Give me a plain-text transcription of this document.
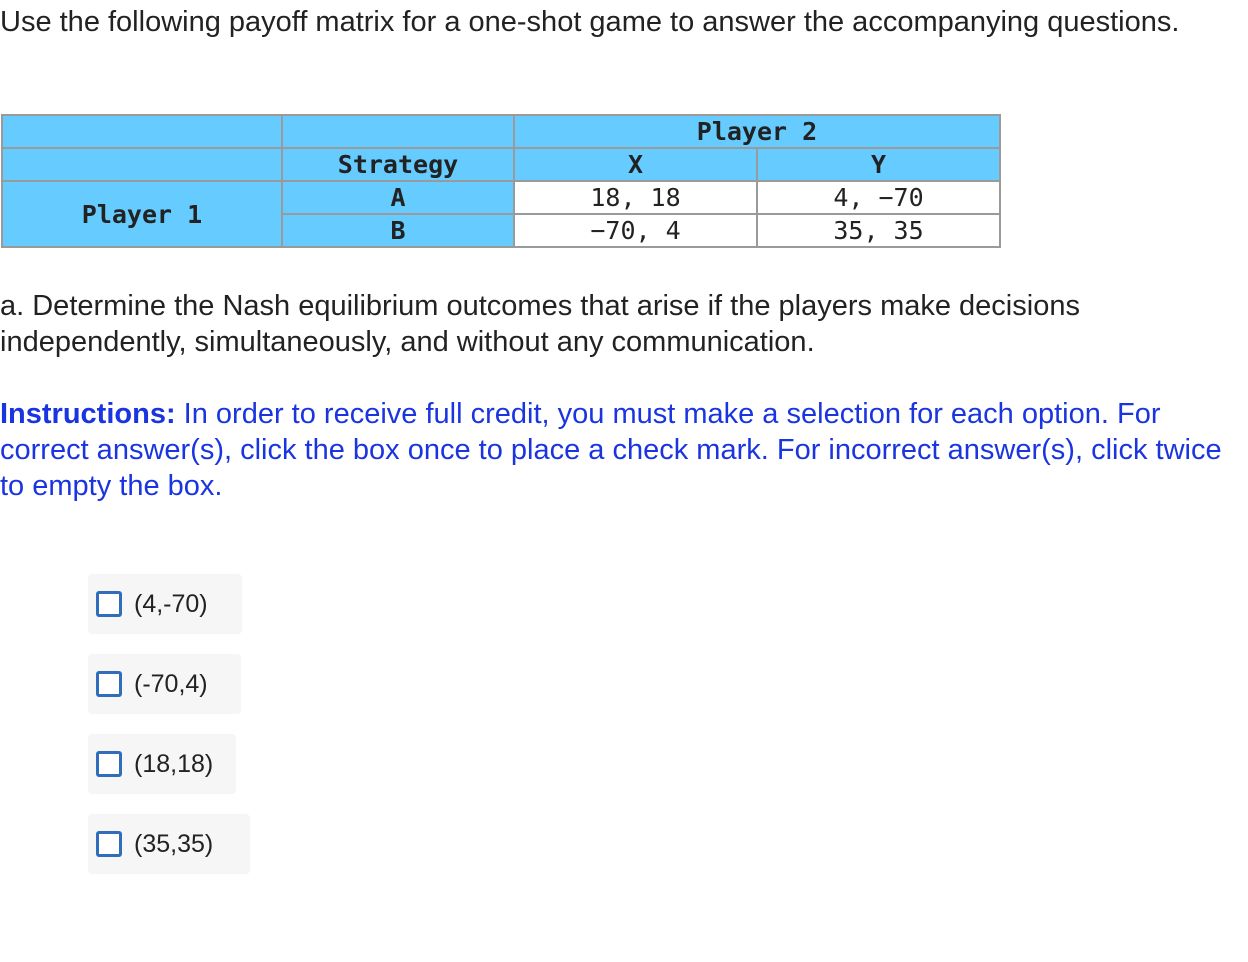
Use the following payoff matrix for a one-shot game to answer the accompanying questions.

		Player 2	
	Strategy	X	Y
Player 1	A	18, 18	4, −70
	B	−70, 4	35, 35

a. Determine the Nash equilibrium outcomes that arise if the players make decisions independently, simultaneously, and without any communication.

Instructions: In order to receive full credit, you must make a selection for each option. For correct answer(s), click the box once to place a check mark. For incorrect answer(s), click twice to empty the box.

(4,-70)
(-70,4)
(18,18)
(35,35)
